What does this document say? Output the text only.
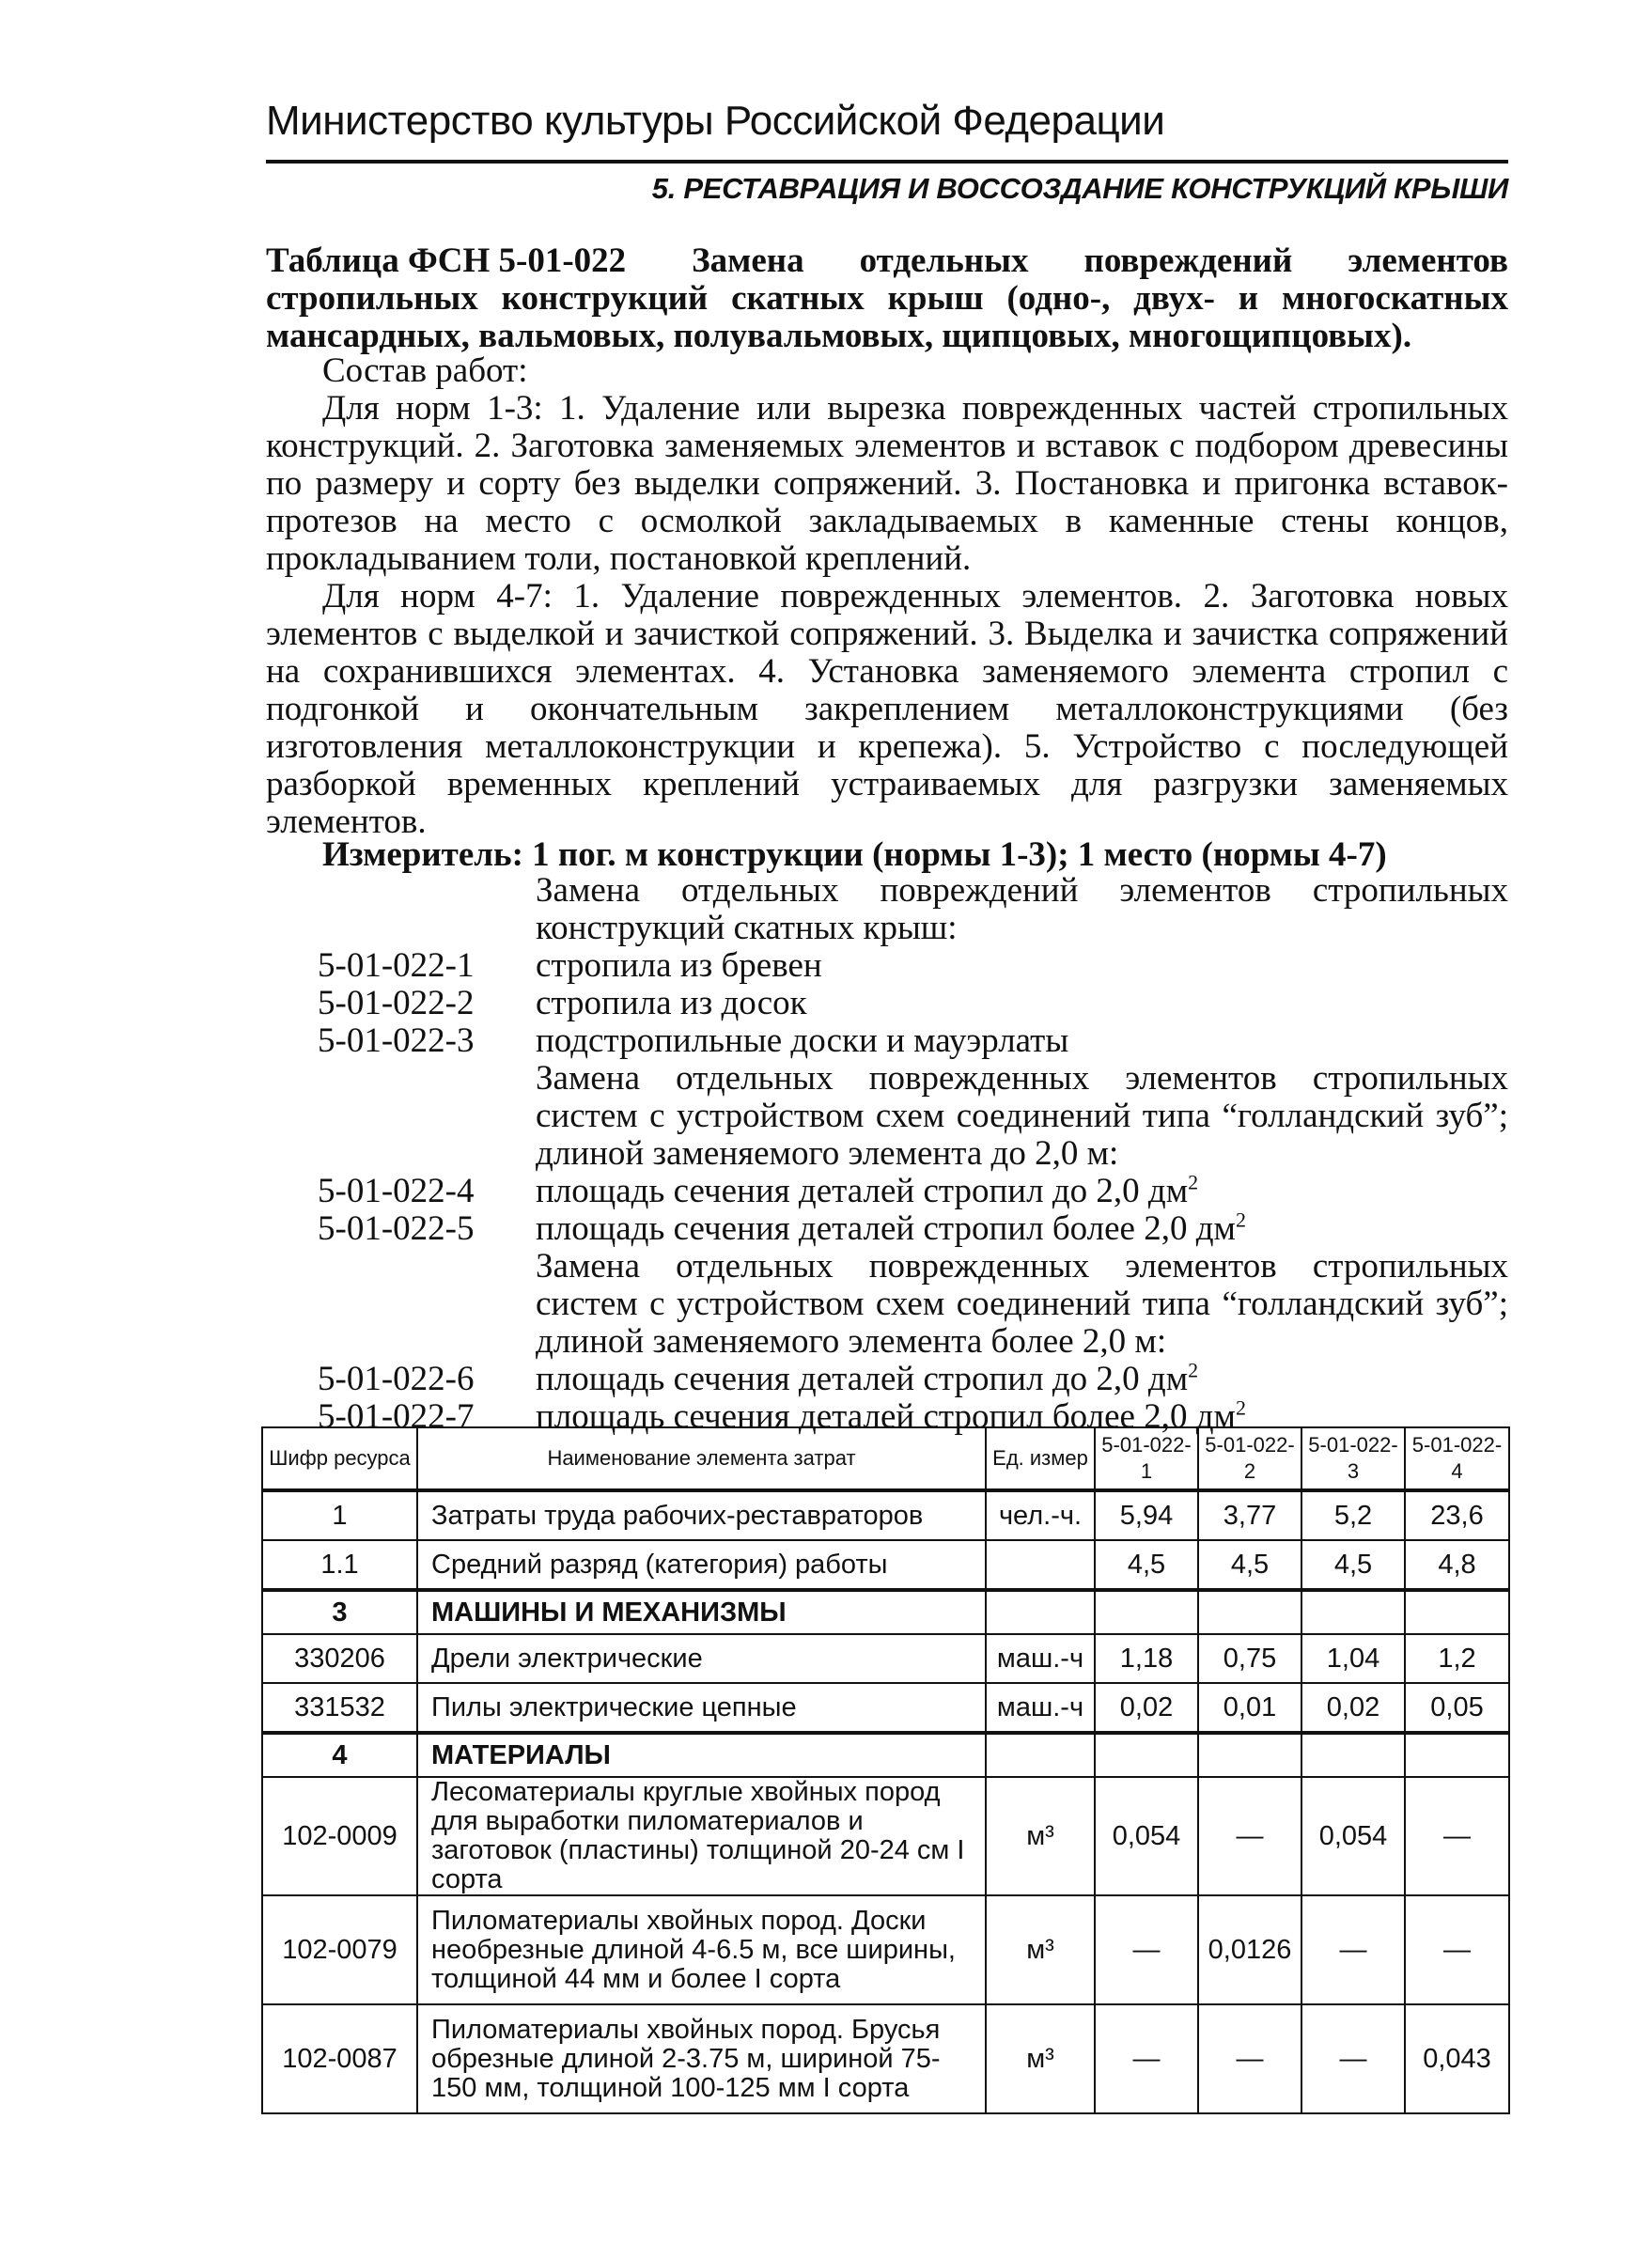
Министерство культуры Российской Федерации
5. РЕСТАВРАЦИЯ И ВОССОЗДАНИЕ КОНСТРУКЦИЙ КРЫШИ
Таблица ФСН 5-01-022 Замена отдельных повреждений элементов стропильных конструкций скатных крыш (одно-, двух- и многоскатных мансардных, вальмовых, полувальмовых, щипцовых, многощипцовых).

Состав работ:

Для норм 1-3: 1. Удаление или вырезка поврежденных частей стропильных конструкций. 2. Заготовка заменяемых элементов и вставок с подбором древесины по размеру и сорту без выделки сопряжений. 3. Постановка и пригонка вставок-протезов на место с осмолкой закладываемых в каменные стены концов, прокладыванием толи, постановкой креплений.

Для норм 4-7: 1. Удаление поврежденных элементов. 2. Заготовка новых элементов с выделкой и зачисткой сопряжений. 3. Выделка и зачистка сопряжений на сохранившихся элементах. 4. Установка заменяемого элемента стропил с подгонкой и окончательным закреплением металлоконструкциями (без изготовления металлоконструкции и крепежа). 5. Устройство с последующей разборкой временных креплений устраиваемых для разгрузки заменяемых элементов.

Измеритель: 1 пог. м конструкции (нормы 1-3); 1 место (нормы 4-7)
Замена отдельных повреждений элементов стропильных конструкций скатных крыш:
5-01-022-1	стропила из бревен
5-01-022-2	стропила из досок
5-01-022-3	подстропильные доски и мауэрлаты
Замена отдельных поврежденных элементов стропильных систем с устройством схем соединений типа “голландский зуб”; длиной заменяемого элемента до 2,0 м:
5-01-022-4	площадь сечения деталей стропил до 2,0 $дм^2$
5-01-022-5	площадь сечения деталей стропил более 2,0 $дм^2$
Замена отдельных поврежденных элементов стропильных систем с устройством схем соединений типа “голландский зуб”; длиной заменяемого элемента более 2,0 м:
5-01-022-6	площадь сечения деталей стропил до 2,0 $дм^2$
5-01-022-7	площадь сечения деталей стропил более 2,0 $дм^2$
Шифр ресурса	Наименование элемента затрат	Ед. измер	5-01-022-1	5-01-022-2	5-01-022-3	5-01-022-4
1	Затраты труда рабочих-реставраторов	чел.-ч.	5,94	3,77	5,2	23,6
1.1	Средний разряд (категория) работы		4,5	4,5	4,5	4,8
3	МАШИНЫ И МЕХАНИЗМЫ					
330206	Дрели электрические	маш.-ч	1,18	0,75	1,04	1,2
331532	Пилы электрические цепные	маш.-ч	0,02	0,01	0,02	0,05
4	МАТЕРИАЛЫ					
102-0009	Лесоматериалы круглые хвойных пород для выработки пиломатериалов и заготовок (пластины) толщиной 20-24 см I сорта	м³	0,054	—	0,054	—
102-0079	Пиломатериалы хвойных пород. Доски необрезные длиной 4-6.5 м, все ширины, толщиной 44 мм и более I сорта	м³	—	0,0126	—	—
102-0087	Пиломатериалы хвойных пород. Брусья обрезные длиной 2-3.75 м, шириной 75-150 мм, толщиной 100-125 мм I сорта	м³	—	—	—	0,043
